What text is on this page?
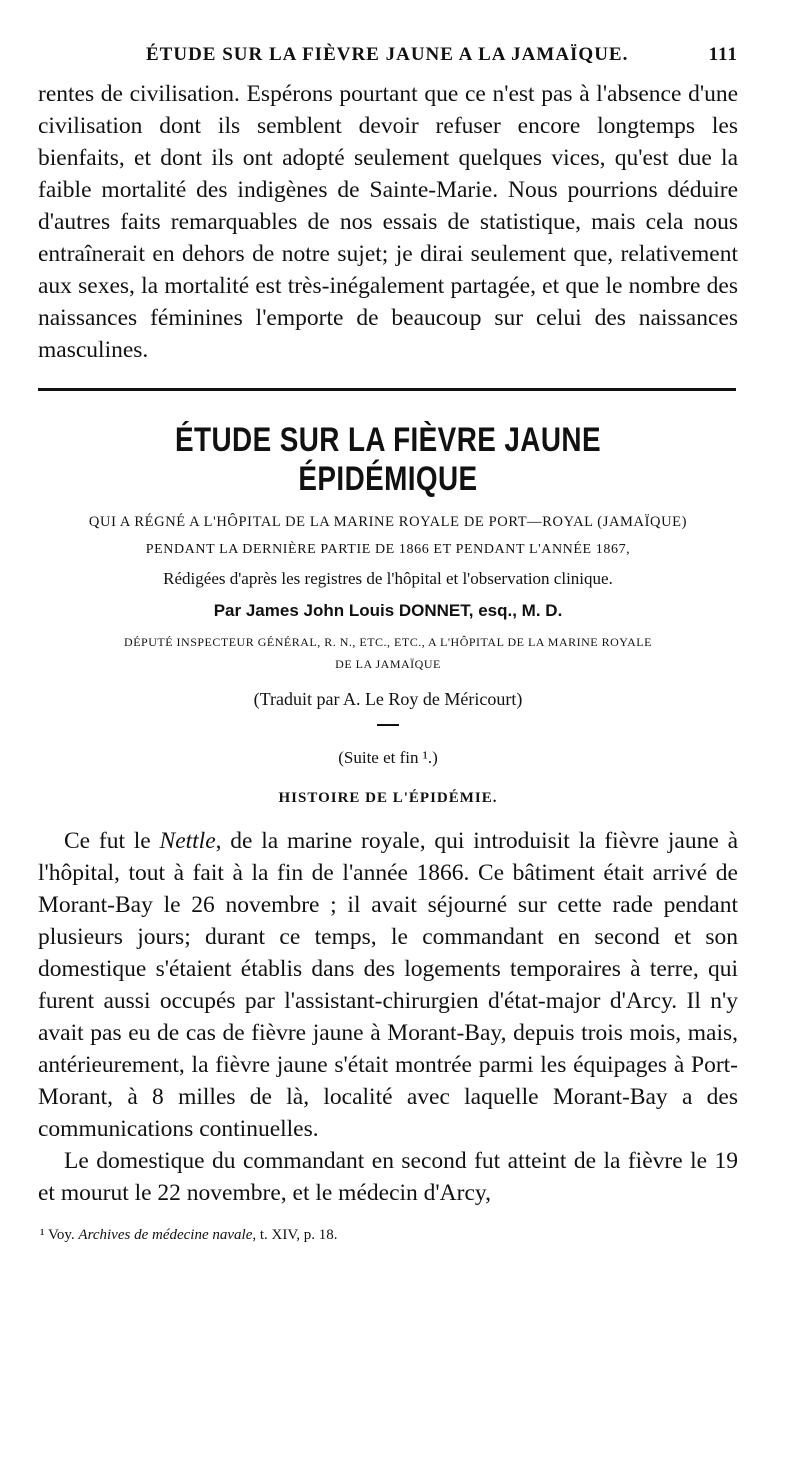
ÉTUDE SUR LA FIÈVRE JAUNE A LA JAMAÏQUE.	111

rentes de civilisation. Espérons pourtant que ce n'est pas à l'absence d'une civilisation dont ils semblent devoir refuser encore longtemps les bienfaits, et dont ils ont adopté seulement quelques vices, qu'est due la faible mortalité des indigènes de Sainte-Marie. Nous pourrions déduire d'autres faits remarquables de nos essais de statistique, mais cela nous entraînerait en dehors de notre sujet; je dirai seulement que, relativement aux sexes, la mortalité est très-inégalement partagée, et que le nombre des naissances féminines l'emporte de beaucoup sur celui des naissances masculines.

ÉTUDE SUR LA FIÈVRE JAUNE ÉPIDÉMIQUE
QUI A RÉGNÉ A L'HÔPITAL DE LA MARINE ROYALE DE PORT—ROYAL (JAMAÏQUE)
PENDANT LA DERNIÈRE PARTIE DE 1866 ET PENDANT L'ANNÉE 1867,
Rédigées d'après les registres de l'hôpital et l'observation clinique.
Par James John Louis DONNET, esq., M. D.
DÉPUTÉ INSPECTEUR GÉNÉRAL, R. N., ETC., ETC., A L'HÔPITAL DE LA MARINE ROYALE
DE LA JAMAÏQUE
(Traduit par A. Le Roy de Méricourt)
(Suite et fin ¹.)
HISTOIRE DE L'ÉPIDÉMIE.

Ce fut le Nettle, de la marine royale, qui introduisit la fièvre jaune à l'hôpital, tout à fait à la fin de l'année 1866. Ce bâtiment était arrivé de Morant-Bay le 26 novembre ; il avait séjourné sur cette rade pendant plusieurs jours; durant ce temps, le commandant en second et son domestique s'étaient établis dans des logements temporaires à terre, qui furent aussi occupés par l'assistant-chirurgien d'état-major d'Arcy. Il n'y avait pas eu de cas de fièvre jaune à Morant-Bay, depuis trois mois, mais, antérieurement, la fièvre jaune s'était montrée parmi les équipages à Port-Morant, à 8 milles de là, localité avec laquelle Morant-Bay a des communications continuelles.

Le domestique du commandant en second fut atteint de la fièvre le 19 et mourut le 22 novembre, et le médecin d'Arcy,

¹ Voy. Archives de médecine navale, t. XIV, p. 18.
